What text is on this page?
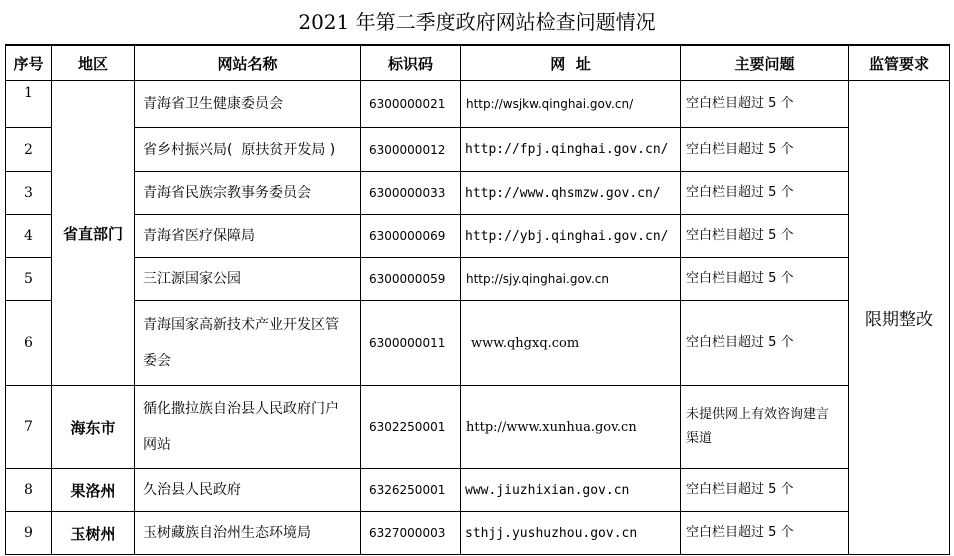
2021 年第二季度政府网站检查问题情况
序号	地区	网站名称	标识码	网  址	主要问题	监管要求
1	省直部门	青海省卫生健康委员会	6300000021	http://wsjkw.qinghai.gov.cn/	空白栏目超过 5 个	限期整改
2		省乡村振兴局(  原扶贫开发局 )	6300000012	http://fpj.qinghai.gov.cn/	空白栏目超过 5 个	
3		青海省民族宗教事务委员会	6300000033	http://www.qhsmzw.gov.cn/	空白栏目超过 5 个	
4		青海省医疗保障局	6300000069	http://ybj.qinghai.gov.cn/	空白栏目超过 5 个	
5		三江源国家公园	6300000059	http://sjy.qinghai.gov.cn	空白栏目超过 5 个	
6		青海国家高新技术产业开发区管委会	6300000011	www.qhgxq.com	空白栏目超过 5 个	
7	海东市	循化撒拉族自治县人民政府门户网站	6302250001	http://www.xunhua.gov.cn	未提供网上有效咨询建言渠道	
8	果洛州	久治县人民政府	6326250001	www.jiuzhixian.gov.cn	空白栏目超过 5 个	
9	玉树州	玉树藏族自治州生态环境局	6327000003	sthjj.yushuzhou.gov.cn	空白栏目超过 5 个	
